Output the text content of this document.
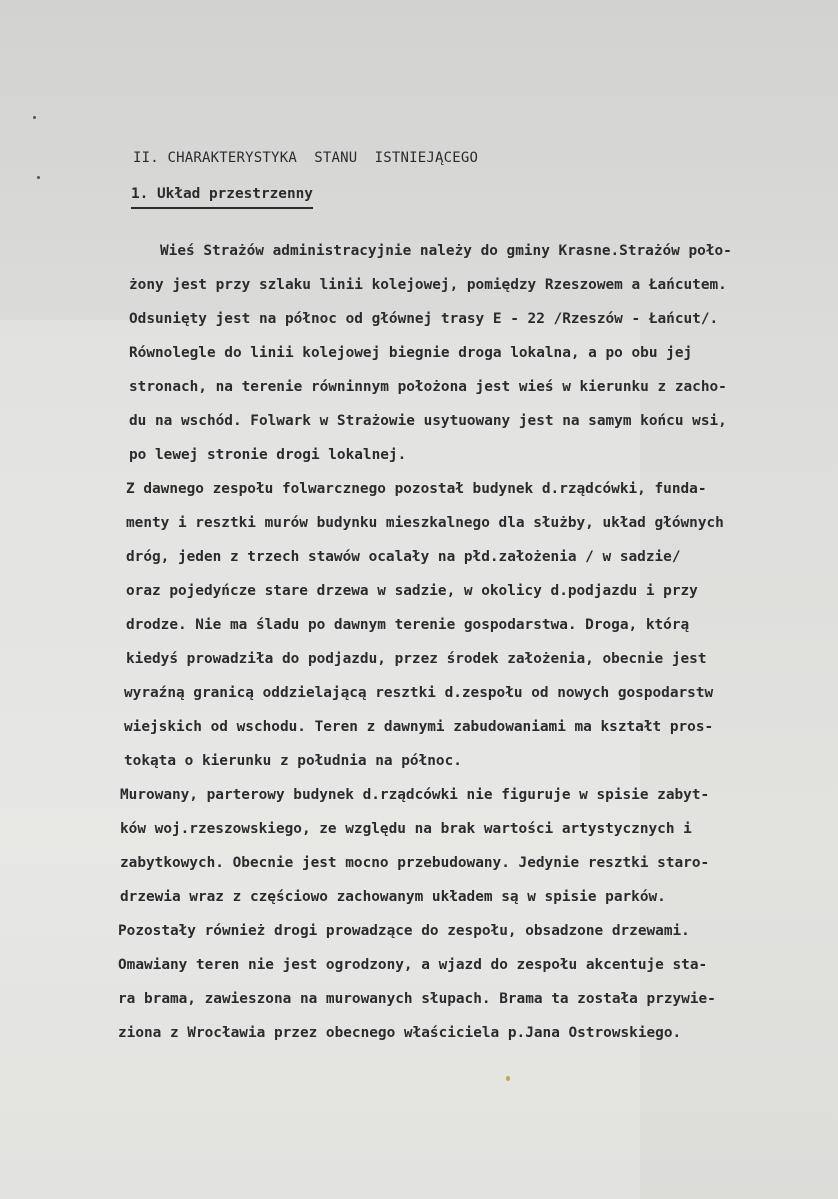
II. CHARAKTERYSTYKA  STANU  ISTNIEJĄCEGO
1. Układ przestrzenny
Wieś Strażów administracyjnie należy do gminy Krasne.Strażów poło-
żony jest przy szlaku linii kolejowej, pomiędzy Rzeszowem a Łańcutem.
Odsunięty jest na północ od głównej trasy E - 22 /Rzeszów - Łańcut/.
Równolegle do linii kolejowej biegnie droga lokalna, a po obu jej
stronach, na terenie równinnym położona jest wieś w kierunku z zacho-
du na wschód. Folwark w Strażowie usytuowany jest na samym końcu wsi,
po lewej stronie drogi lokalnej.
Z dawnego zespołu folwarcznego pozostał budynek d.rządcówki, funda-
menty i resztki murów budynku mieszkalnego dla służby, układ głównych
dróg, jeden z trzech stawów ocalały na płd.założenia / w sadzie/
oraz pojedyńcze stare drzewa w sadzie, w okolicy d.podjazdu i przy
drodze. Nie ma śladu po dawnym terenie gospodarstwa. Droga, którą
kiedyś prowadziła do podjazdu, przez środek założenia, obecnie jest
wyraźną granicą oddzielającą resztki d.zespołu od nowych gospodarstw
wiejskich od wschodu. Teren z dawnymi zabudowaniami ma kształt pros-
tokąta o kierunku z południa na północ.
Murowany, parterowy budynek d.rządcówki nie figuruje w spisie zabyt-
ków woj.rzeszowskiego, ze względu na brak wartości artystycznych i
zabytkowych. Obecnie jest mocno przebudowany. Jedynie resztki staro-
drzewia wraz z częściowo zachowanym układem są w spisie parków.
Pozostały również drogi prowadzące do zespołu, obsadzone drzewami.
Omawiany teren nie jest ogrodzony, a wjazd do zespołu akcentuje sta-
ra brama, zawieszona na murowanych słupach. Brama ta została przywie-
ziona z Wrocławia przez obecnego właściciela p.Jana Ostrowskiego.
